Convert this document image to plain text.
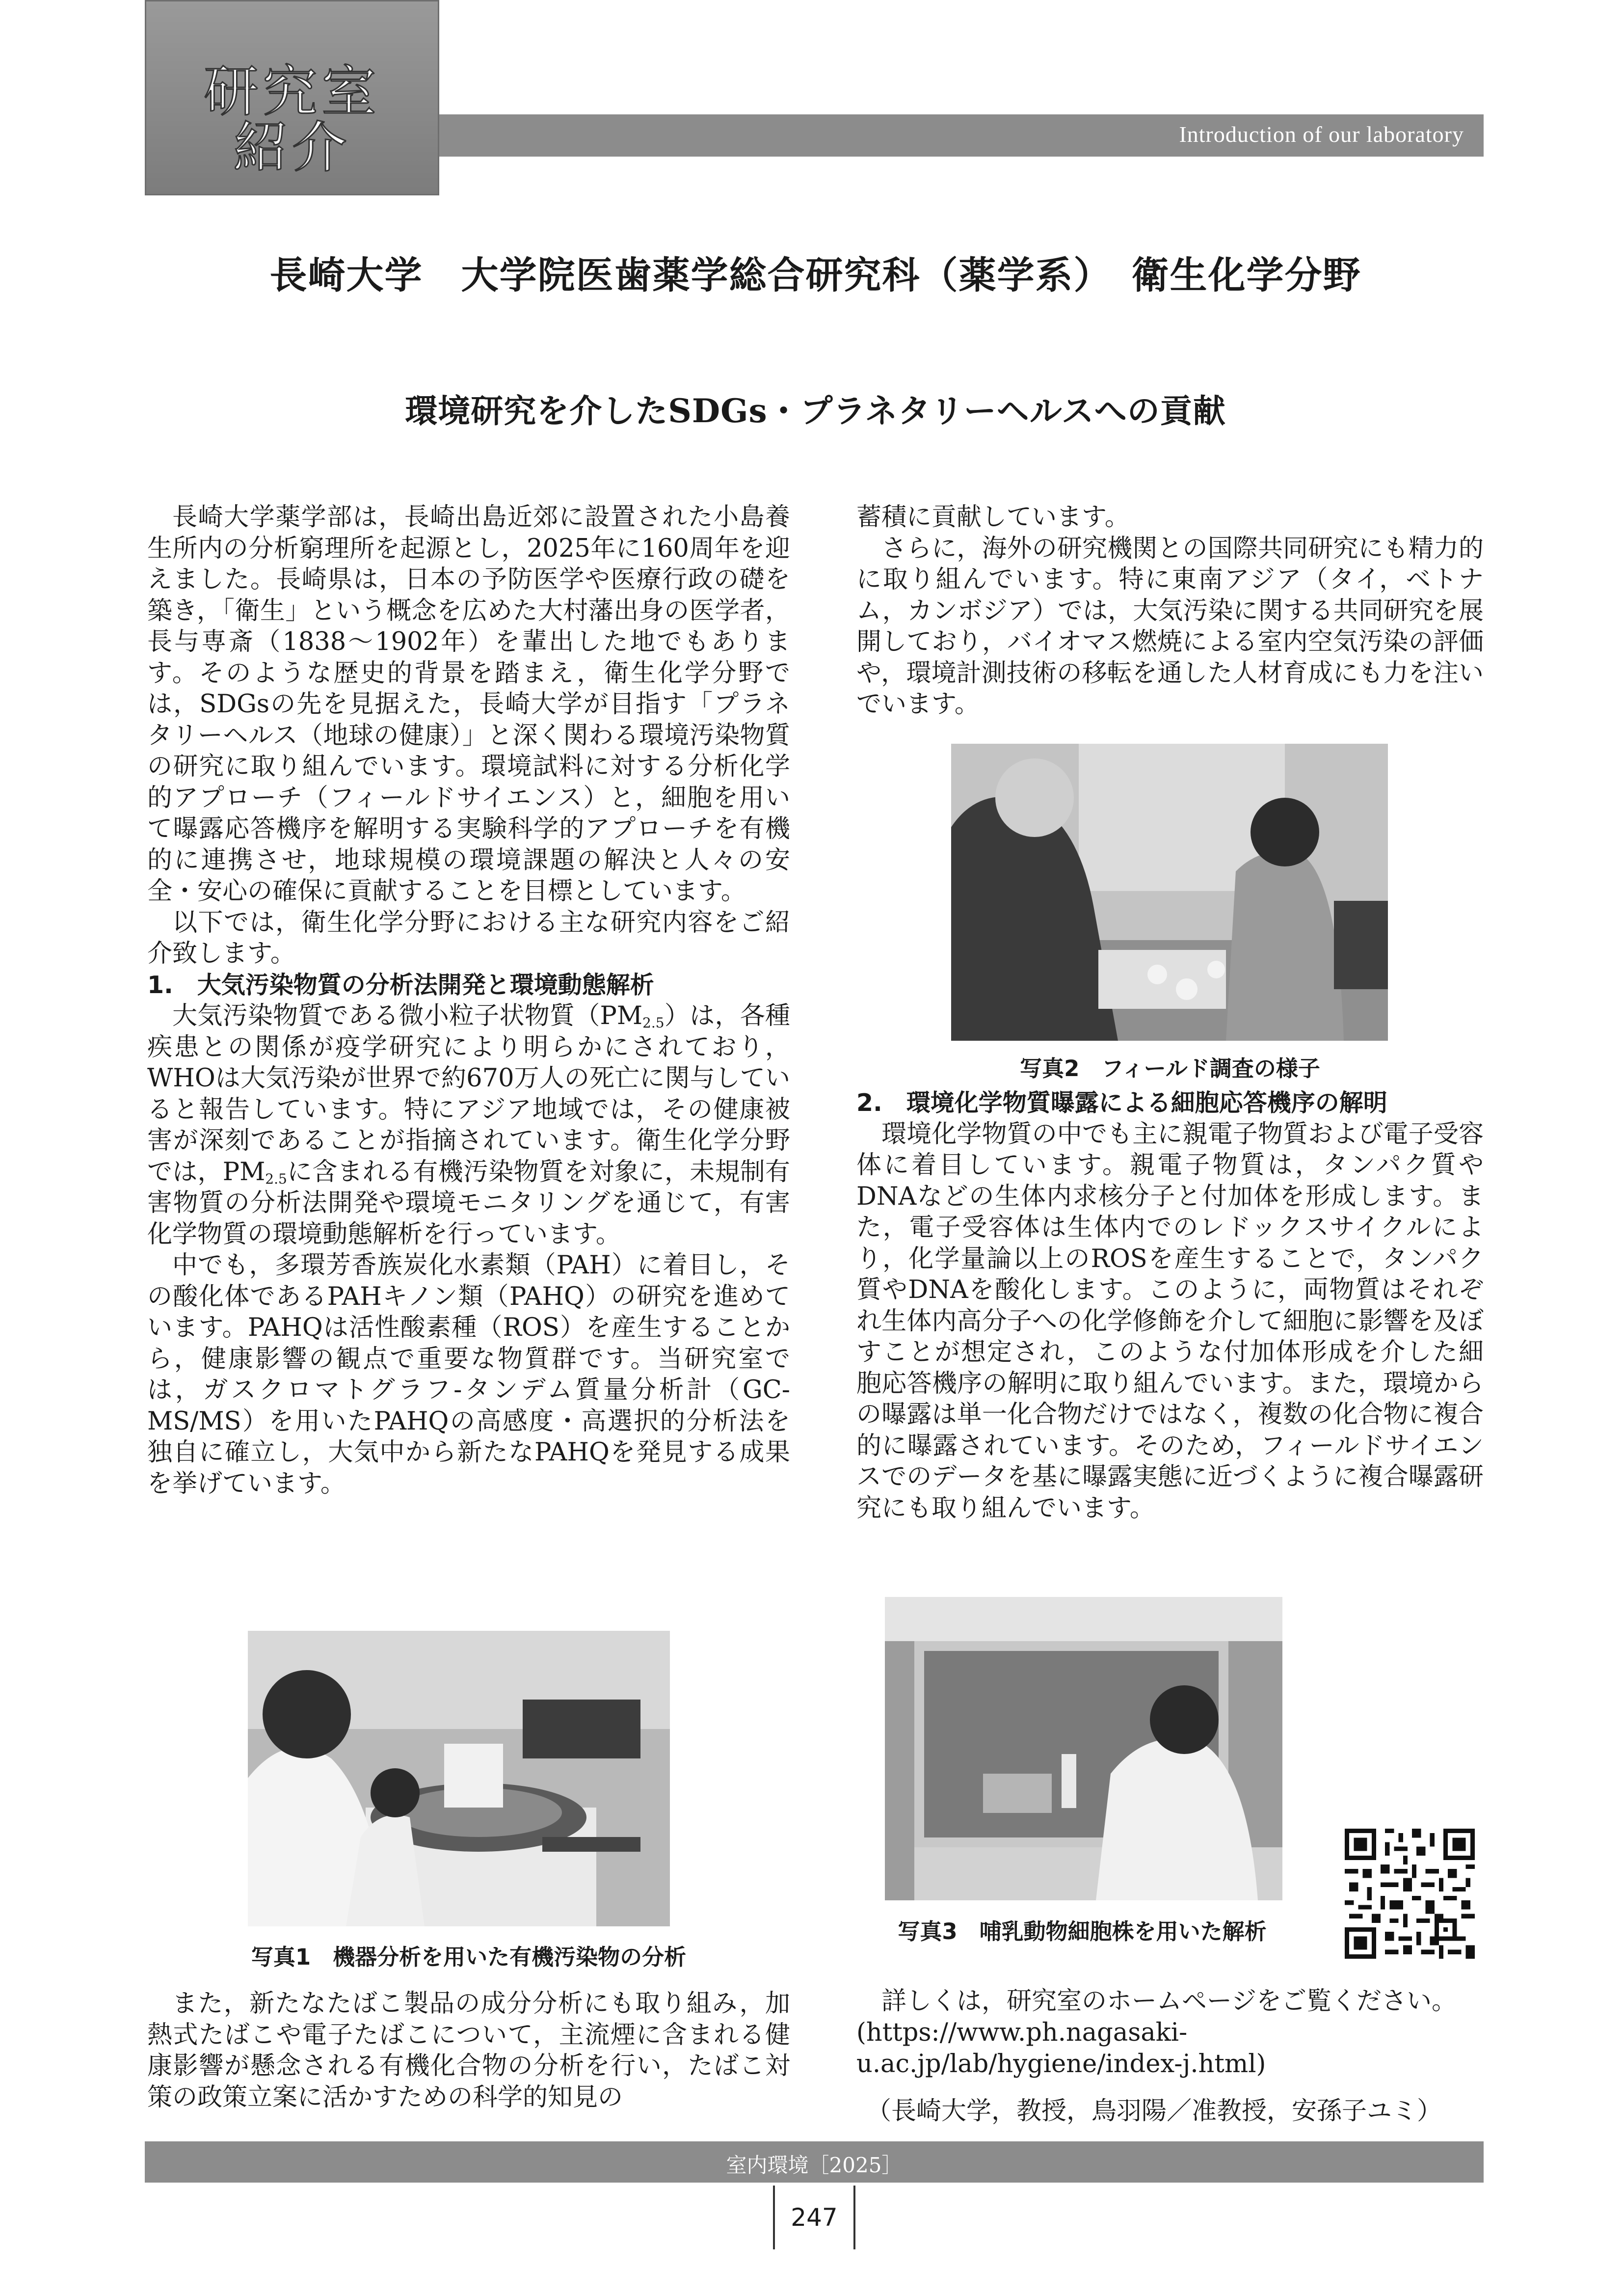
研究室
紹介	Introduction of our laboratory
長崎大学　大学院医歯薬学総合研究科（薬学系）　衛生化学分野
環境研究を介したSDGs・プラネタリーヘルスへの貢献

長崎大学薬学部は，長崎出島近郊に設置された小島養生所内の分析窮理所を起源とし，2025年に160周年を迎えました。長崎県は，日本の予防医学や医療行政の礎を築き，「衛生」という概念を広めた大村藩出身の医学者，長与専斎（1838〜1902年）を輩出した地でもあります。そのような歴史的背景を踏まえ，衛生化学分野では，SDGsの先を見据えた，長崎大学が目指す「プラネタリーヘルス（地球の健康）」と深く関わる環境汚染物質の研究に取り組んでいます。環境試料に対する分析化学的アプローチ（フィールドサイエンス）と，細胞を用いて曝露応答機序を解明する実験科学的アプローチを有機的に連携させ，地球規模の環境課題の解決と人々の安全・安心の確保に貢献することを目標としています。

以下では，衛生化学分野における主な研究内容をご紹介致します。

1.　大気汚染物質の分析法開発と環境動態解析

大気汚染物質である微小粒子状物質$(PM_{2.5})$は，各種疾患との関係が疫学研究により明らかにされており，WHOは大気汚染が世界で約670万人の死亡に関与していると報告しています。特にアジア地域では，その健康被害が深刻であることが指摘されています。衛生化学分野では，$PM_{2.5}$に含まれる有機汚染物質を対象に，未規制有害物質の分析法開発や環境モニタリングを通じて，有害化学物質の環境動態解析を行っています。

中でも，多環芳香族炭化水素類（PAH）に着目し，その酸化体であるPAHキノン類（PAHQ）の研究を進めています。PAHQは活性酸素種（ROS）を産生することから，健康影響の観点で重要な物質群です。当研究室では，ガスクロマトグラフ-タンデム質量分析計（GC-MS/MS）を用いたPAHQの高感度・高選択的分析法を独自に確立し，大気中から新たなPAHQを発見する成果を挙げています。

写真1　機器分析を用いた有機汚染物の分析

また，新たなたばこ製品の成分分析にも取り組み，加熱式たばこや電子たばこについて，主流煙に含まれる健康影響が懸念される有機化合物の分析を行い，たばこ対策の政策立案に活かすための科学的知見の

蓄積に貢献しています。

さらに，海外の研究機関との国際共同研究にも精力的に取り組んでいます。特に東南アジア（タイ，ベトナム，カンボジア）では，大気汚染に関する共同研究を展開しており，バイオマス燃焼による室内空気汚染の評価や，環境計測技術の移転を通した人材育成にも力を注いでいます。

写真2　フィールド調査の様子
2.　環境化学物質曝露による細胞応答機序の解明

環境化学物質の中でも主に親電子物質および電子受容体に着目しています。親電子物質は，タンパク質やDNAなどの生体内求核分子と付加体を形成します。また，電子受容体は生体内でのレドックスサイクルにより，化学量論以上のROSを産生することで，タンパク質やDNAを酸化します。このように，両物質はそれぞれ生体内高分子への化学修飾を介して細胞に影響を及ぼすことが想定され，このような付加体形成を介した細胞応答機序の解明に取り組んでいます。また，環境からの曝露は単一化合物だけではなく，複数の化合物に複合的に曝露されています。そのため，フィールドサイエンスでのデータを基に曝露実態に近づくように複合曝露研究にも取り組んでいます。

写真3　哺乳動物細胞株を用いた解析

詳しくは，研究室のホームページをご覧ください。

(https://www.ph.nagasaki-u.ac.jp/lab/hygiene/index-j.html)

（長崎大学，教授，鳥羽陽／准教授，安孫子ユミ）

室内環境［2025］
247
